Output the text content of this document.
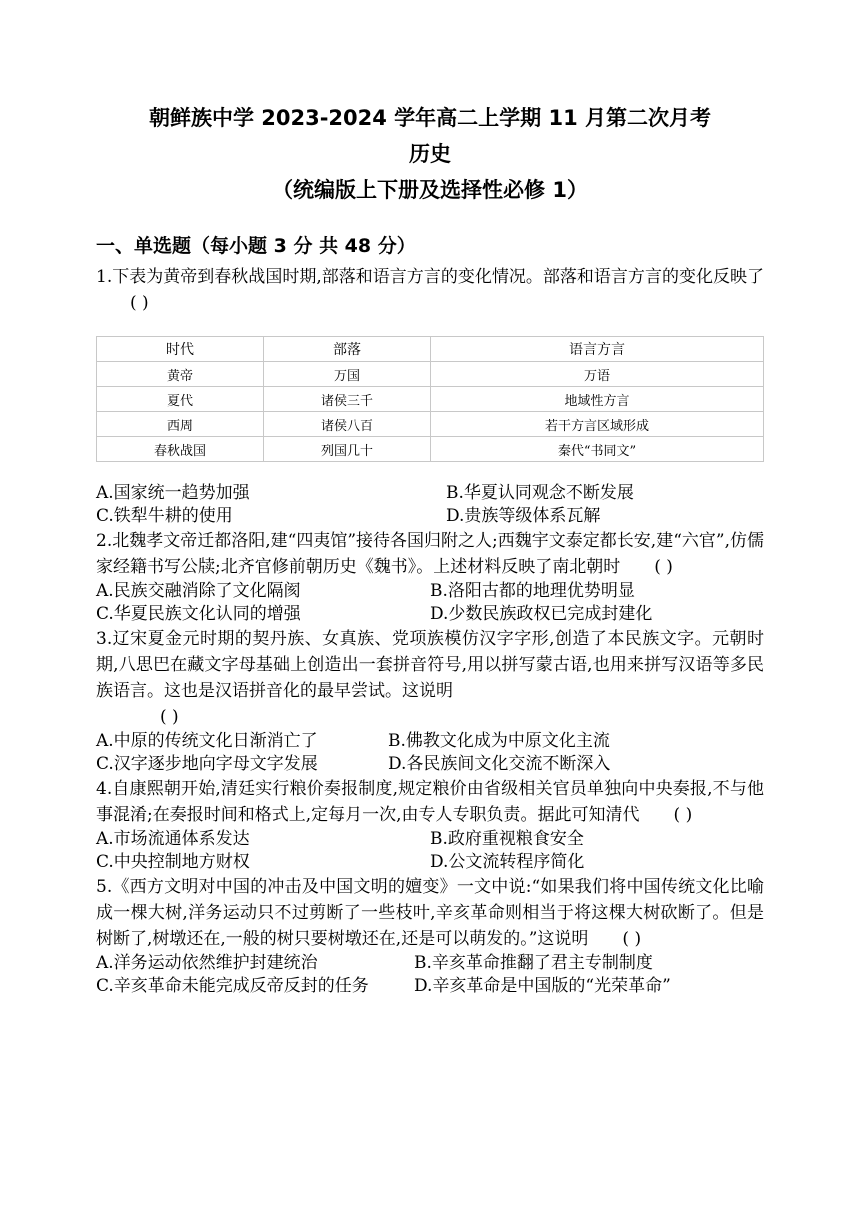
朝鲜族中学 2023-2024 学年高二上学期 11 月第二次月考

历史

（统编版上下册及选择性必修 1）

一、单选题（每小题 3 分 共 48 分）

1.下表为黄帝到春秋战国时期,部落和语言方言的变化情况。部落和语言方言的变化反映了( )

时代	部落	语言方言
黄帝	万国	万语
夏代	诸侯三千	地域性方言
西周	诸侯八百	若干方言区域形成
春秋战国	列国几十	秦代“书同文”
A.国家统一趋势加强	B.华夏认同观念不断发展
C.铁犁牛耕的使用	D.贵族等级体系瓦解

2.北魏孝文帝迁都洛阳,建“四夷馆”接待各国归附之人;西魏宇文泰定都长安,建“六官”,仿儒家经籍书写公牍;北齐官修前朝历史《魏书》。上述材料反映了南北朝时 ( )

A.民族交融消除了文化隔阂	B.洛阳古都的地理优势明显
C.华夏民族文化认同的增强	D.少数民族政权已完成封建化

3.辽宋夏金元时期的契丹族、女真族、党项族模仿汉字字形,创造了本民族文字。元朝时期,八思巴在藏文字母基础上创造出一套拼音符号,用以拼写蒙古语,也用来拼写汉语等多民族语言。这也是汉语拼音化的最早尝试。这说明
( )

A.中原的传统文化日渐消亡了	B.佛教文化成为中原文化主流
C.汉字逐步地向字母文字发展	D.各民族间文化交流不断深入

4.自康熙朝开始,清廷实行粮价奏报制度,规定粮价由省级相关官员单独向中央奏报,不与他事混淆;在奏报时间和格式上,定每月一次,由专人专职负责。据此可知清代 ( )

A.市场流通体系发达	B.政府重视粮食安全
C.中央控制地方财权	D.公文流转程序简化

5.《西方文明对中国的冲击及中国文明的嬗变》一文中说:“如果我们将中国传统文化比喻成一棵大树,洋务运动只不过剪断了一些枝叶,辛亥革命则相当于将这棵大树砍断了。但是树断了,树墩还在,一般的树只要树墩还在,还是可以萌发的。”这说明 ( )

A.洋务运动依然维护封建统治	B.辛亥革命推翻了君主专制制度
C.辛亥革命未能完成反帝反封的任务	D.辛亥革命是中国版的“光荣革命”
